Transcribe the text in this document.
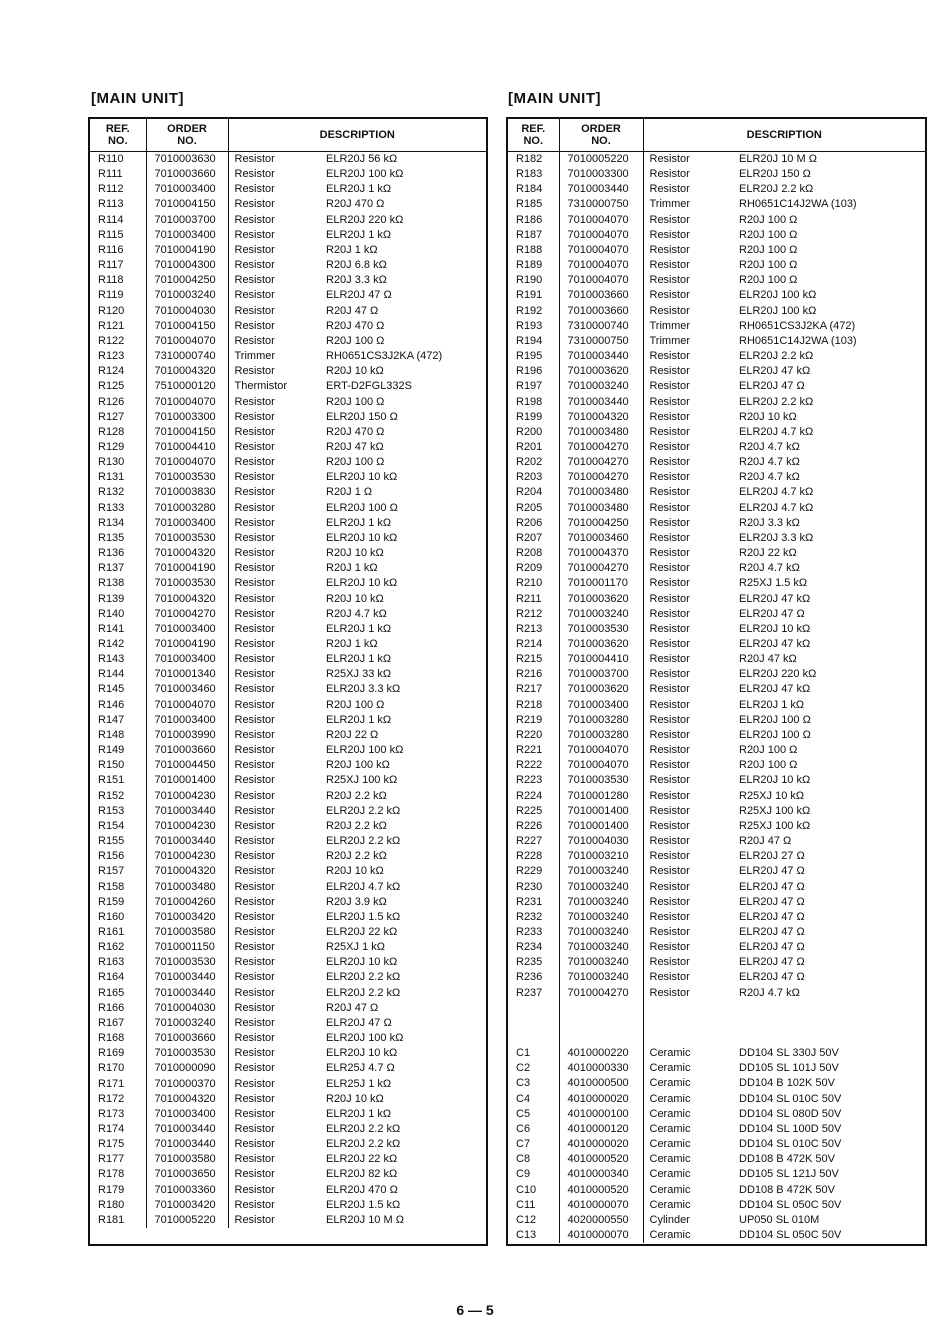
[MAIN UNIT]	[MAIN UNIT]
REF.
NO.	ORDER
NO.	DESCRIPTION	
R110	7010003630	Resistor	ELR20J 56 kΩ
R111	7010003660	Resistor	ELR20J 100 kΩ
R112	7010003400	Resistor	ELR20J 1 kΩ
R113	7010004150	Resistor	R20J 470 Ω
R114	7010003700	Resistor	ELR20J 220 kΩ
R115	7010003400	Resistor	ELR20J 1 kΩ
R116	7010004190	Resistor	R20J 1 kΩ
R117	7010004300	Resistor	R20J 6.8 kΩ
R118	7010004250	Resistor	R20J 3.3 kΩ
R119	7010003240	Resistor	ELR20J 47 Ω
R120	7010004030	Resistor	R20J 47 Ω
R121	7010004150	Resistor	R20J 470 Ω
R122	7010004070	Resistor	R20J 100 Ω
R123	7310000740	Trimmer	RH0651CS3J2KA (472)
R124	7010004320	Resistor	R20J 10 kΩ
R125	7510000120	Thermistor	ERT-D2FGL332S
R126	7010004070	Resistor	R20J 100 Ω
R127	7010003300	Resistor	ELR20J 150 Ω
R128	7010004150	Resistor	R20J 470 Ω
R129	7010004410	Resistor	R20J 47 kΩ
R130	7010004070	Resistor	R20J 100 Ω
R131	7010003530	Resistor	ELR20J 10 kΩ
R132	7010003830	Resistor	R20J 1 Ω
R133	7010003280	Resistor	ELR20J 100 Ω
R134	7010003400	Resistor	ELR20J 1 kΩ
R135	7010003530	Resistor	ELR20J 10 kΩ
R136	7010004320	Resistor	R20J 10 kΩ
R137	7010004190	Resistor	R20J 1 kΩ
R138	7010003530	Resistor	ELR20J 10 kΩ
R139	7010004320	Resistor	R20J 10 kΩ
R140	7010004270	Resistor	R20J 4.7 kΩ
R141	7010003400	Resistor	ELR20J 1 kΩ
R142	7010004190	Resistor	R20J 1 kΩ
R143	7010003400	Resistor	ELR20J 1 kΩ
R144	7010001340	Resistor	R25XJ 33 kΩ
R145	7010003460	Resistor	ELR20J 3.3 kΩ
R146	7010004070	Resistor	R20J 100 Ω
R147	7010003400	Resistor	ELR20J 1 kΩ
R148	7010003990	Resistor	R20J 22 Ω
R149	7010003660	Resistor	ELR20J 100 kΩ
R150	7010004450	Resistor	R20J 100 kΩ
R151	7010001400	Resistor	R25XJ 100 kΩ
R152	7010004230	Resistor	R20J 2.2 kΩ
R153	7010003440	Resistor	ELR20J 2.2 kΩ
R154	7010004230	Resistor	R20J 2.2 kΩ
R155	7010003440	Resistor	ELR20J 2.2 kΩ
R156	7010004230	Resistor	R20J 2.2 kΩ
R157	7010004320	Resistor	R20J 10 kΩ
R158	7010003480	Resistor	ELR20J 4.7 kΩ
R159	7010004260	Resistor	R20J 3.9 kΩ
R160	7010003420	Resistor	ELR20J 1.5 kΩ
R161	7010003580	Resistor	ELR20J 22 kΩ
R162	7010001150	Resistor	R25XJ 1 kΩ
R163	7010003530	Resistor	ELR20J 10 kΩ
R164	7010003440	Resistor	ELR20J 2.2 kΩ
R165	7010003440	Resistor	ELR20J 2.2 kΩ
R166	7010004030	Resistor	R20J 47 Ω
R167	7010003240	Resistor	ELR20J 47 Ω
R168	7010003660	Resistor	ELR20J 100 kΩ
R169	7010003530	Resistor	ELR20J 10 kΩ
R170	7010000090	Resistor	ELR25J 4.7 Ω
R171	7010000370	Resistor	ELR25J 1 kΩ
R172	7010004320	Resistor	R20J 10 kΩ
R173	7010003400	Resistor	ELR20J 1 kΩ
R174	7010003440	Resistor	ELR20J 2.2 kΩ
R175	7010003440	Resistor	ELR20J 2.2 kΩ
R177	7010003580	Resistor	ELR20J 22 kΩ
R178	7010003650	Resistor	ELR20J 82 kΩ
R179	7010003360	Resistor	ELR20J 470 Ω
R180	7010003420	Resistor	ELR20J 1.5 kΩ
R181	7010005220	Resistor	ELR20J 10 M Ω

REF.
NO.	ORDER
NO.	DESCRIPTION	
R182	7010005220	Resistor	ELR20J 10 M Ω
R183	7010003300	Resistor	ELR20J 150 Ω
R184	7010003440	Resistor	ELR20J 2.2 kΩ
R185	7310000750	Trimmer	RH0651C14J2WA (103)
R186	7010004070	Resistor	R20J 100 Ω
R187	7010004070	Resistor	R20J 100 Ω
R188	7010004070	Resistor	R20J 100 Ω
R189	7010004070	Resistor	R20J 100 Ω
R190	7010004070	Resistor	R20J 100 Ω
R191	7010003660	Resistor	ELR20J 100 kΩ
R192	7010003660	Resistor	ELR20J 100 kΩ
R193	7310000740	Trimmer	RH0651CS3J2KA (472)
R194	7310000750	Trimmer	RH0651C14J2WA (103)
R195	7010003440	Resistor	ELR20J 2.2 kΩ
R196	7010003620	Resistor	ELR20J 47 kΩ
R197	7010003240	Resistor	ELR20J 47 Ω
R198	7010003440	Resistor	ELR20J 2.2 kΩ
R199	7010004320	Resistor	R20J 10 kΩ
R200	7010003480	Resistor	ELR20J 4.7 kΩ
R201	7010004270	Resistor	R20J 4.7 kΩ
R202	7010004270	Resistor	R20J 4.7 kΩ
R203	7010004270	Resistor	R20J 4.7 kΩ
R204	7010003480	Resistor	ELR20J 4.7 kΩ
R205	7010003480	Resistor	ELR20J 4.7 kΩ
R206	7010004250	Resistor	R20J 3.3 kΩ
R207	7010003460	Resistor	ELR20J 3.3 kΩ
R208	7010004370	Resistor	R20J 22 kΩ
R209	7010004270	Resistor	R20J 4.7 kΩ
R210	7010001170	Resistor	R25XJ 1.5 kΩ
R211	7010003620	Resistor	ELR20J 47 kΩ
R212	7010003240	Resistor	ELR20J 47 Ω
R213	7010003530	Resistor	ELR20J 10 kΩ
R214	7010003620	Resistor	ELR20J 47 kΩ
R215	7010004410	Resistor	R20J 47 kΩ
R216	7010003700	Resistor	ELR20J 220 kΩ
R217	7010003620	Resistor	ELR20J 47 kΩ
R218	7010003400	Resistor	ELR20J 1 kΩ
R219	7010003280	Resistor	ELR20J 100 Ω
R220	7010003280	Resistor	ELR20J 100 Ω
R221	7010004070	Resistor	R20J 100 Ω
R222	7010004070	Resistor	R20J 100 Ω
R223	7010003530	Resistor	ELR20J 10 kΩ
R224	7010001280	Resistor	R25XJ 10 kΩ
R225	7010001400	Resistor	R25XJ 100 kΩ
R226	7010001400	Resistor	R25XJ 100 kΩ
R227	7010004030	Resistor	R20J 47 Ω
R228	7010003210	Resistor	ELR20J 27 Ω
R229	7010003240	Resistor	ELR20J 47 Ω
R230	7010003240	Resistor	ELR20J 47 Ω
R231	7010003240	Resistor	ELR20J 47 Ω
R232	7010003240	Resistor	ELR20J 47 Ω
R233	7010003240	Resistor	ELR20J 47 Ω
R234	7010003240	Resistor	ELR20J 47 Ω
R235	7010003240	Resistor	ELR20J 47 Ω
R236	7010003240	Resistor	ELR20J 47 Ω
R237	7010004270	Resistor	R20J 4.7 kΩ

C1	4010000220	Ceramic	DD104 SL 330J 50V
C2	4010000330	Ceramic	DD105 SL 101J 50V
C3	4010000500	Ceramic	DD104 B 102K 50V
C4	4010000020	Ceramic	DD104 SL 010C 50V
C5	4010000100	Ceramic	DD104 SL 080D 50V
C6	4010000120	Ceramic	DD104 SL 100D 50V
C7	4010000020	Ceramic	DD104 SL 010C 50V
C8	4010000520	Ceramic	DD108 B 472K 50V
C9	4010000340	Ceramic	DD105 SL 121J 50V
C10	4010000520	Ceramic	DD108 B 472K 50V
C11	4010000070	Ceramic	DD104 SL 050C 50V
C12	4020000550	Cylinder	UP050 SL 010M
C13	4010000070	Ceramic	DD104 SL 050C 50V

6 — 5
